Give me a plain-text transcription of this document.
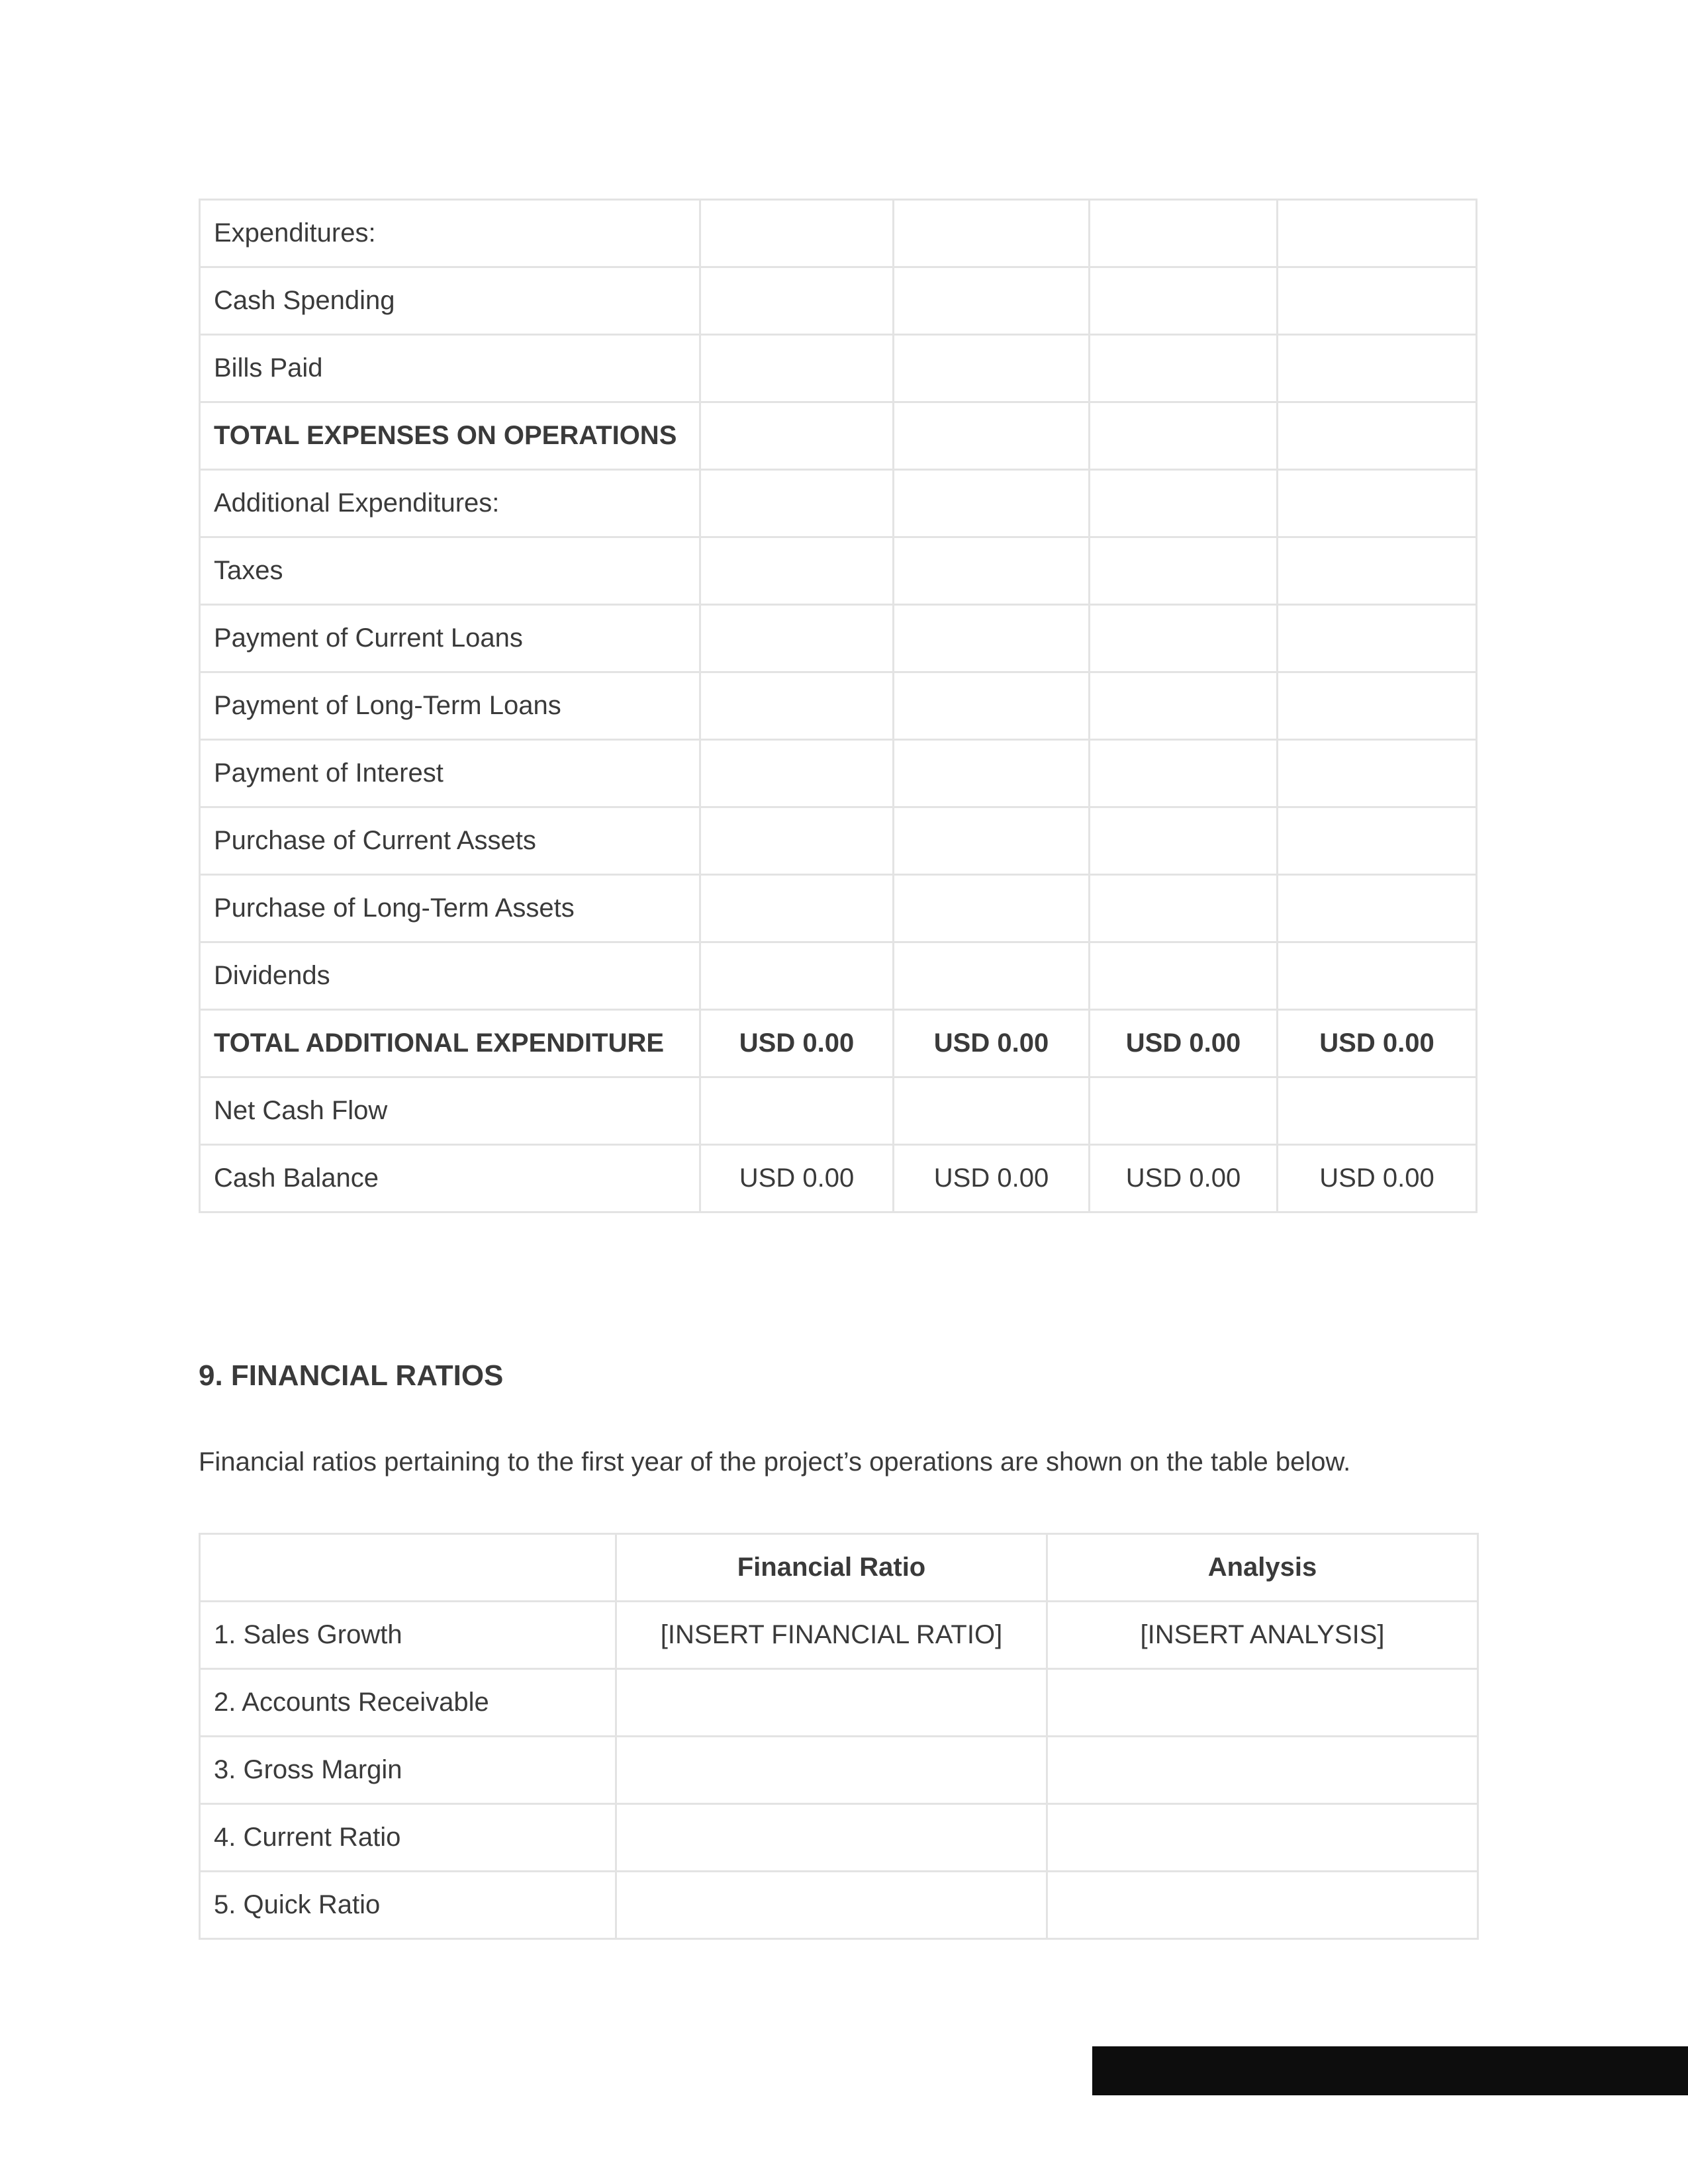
Expenditures:				
Cash Spending				
Bills Paid				
TOTAL EXPENSES ON OPERATIONS				
Additional Expenditures:				
Taxes				
Payment of Current Loans				
Payment of Long-Term Loans				
Payment of Interest				
Purchase of Current Assets				
Purchase of Long-Term Assets				
Dividends				
TOTAL ADDITIONAL EXPENDITURE	USD 0.00	USD 0.00	USD 0.00	USD 0.00
Net Cash Flow				
Cash Balance	USD 0.00	USD 0.00	USD 0.00	USD 0.00
9. FINANCIAL RATIOS

Financial ratios pertaining to the first year of the project’s operations are shown on the table below.

	Financial Ratio	Analysis
1. Sales Growth	[INSERT FINANCIAL RATIO]	[INSERT ANALYSIS]
2. Accounts Receivable		
3. Gross Margin		
4. Current Ratio		
5. Quick Ratio		
